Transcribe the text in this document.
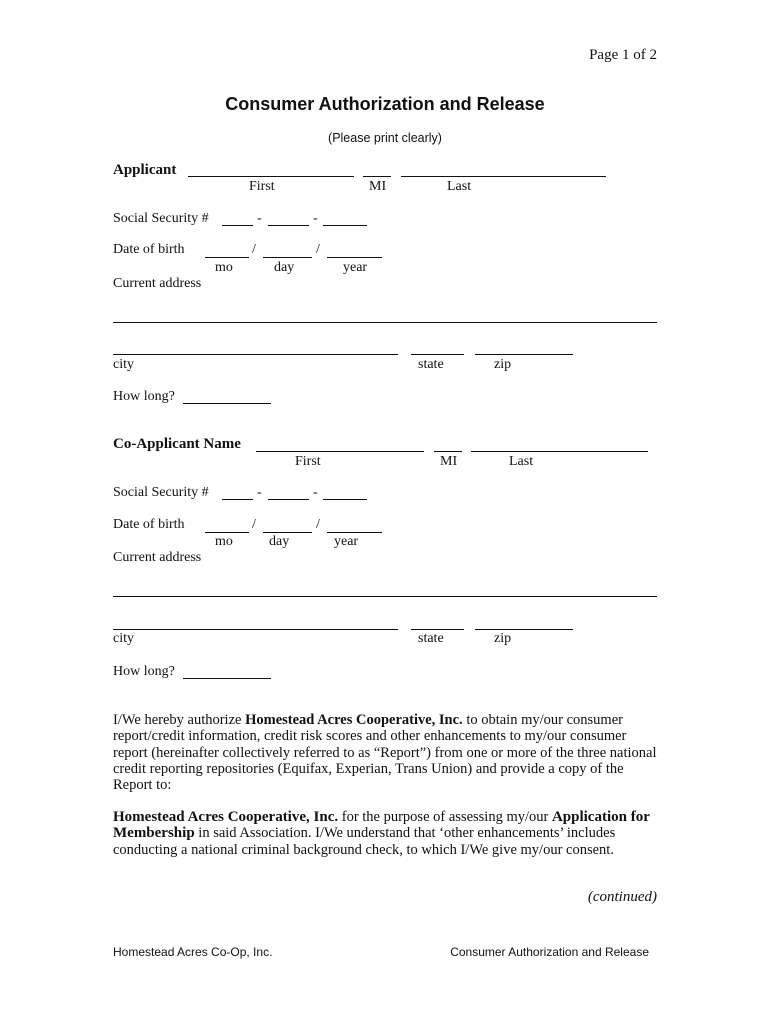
Page 1 of 2
Consumer Authorization and Release
(Please print clearly)
Applicant
First	MI	Last
Social Security #	-	-
Date of birth	/	/
mo	day	year
Current address
city	state	zip
How long?
Co-Applicant Name
First	MI	Last
Social Security #	-	-
Date of birth	/	/
mo	day	year
Current address
city	state	zip
How long?
I/We hereby authorize Homestead Acres Cooperative, Inc. to obtain my/our consumer report/credit information, credit risk scores and other enhancements to my/our consumer report (hereinafter collectively referred to as “Report”) from one or more of the three national credit reporting repositories (Equifax, Experian, Trans Union) and provide a copy of the Report to:
Homestead Acres Cooperative, Inc. for the purpose of assessing my/our Application for Membership in said Association. I/We understand that ‘other enhancements’ includes conducting a national criminal background check, to which I/We give my/our consent.
(continued)
Homestead Acres Co-Op, Inc.	Consumer Authorization and Release
